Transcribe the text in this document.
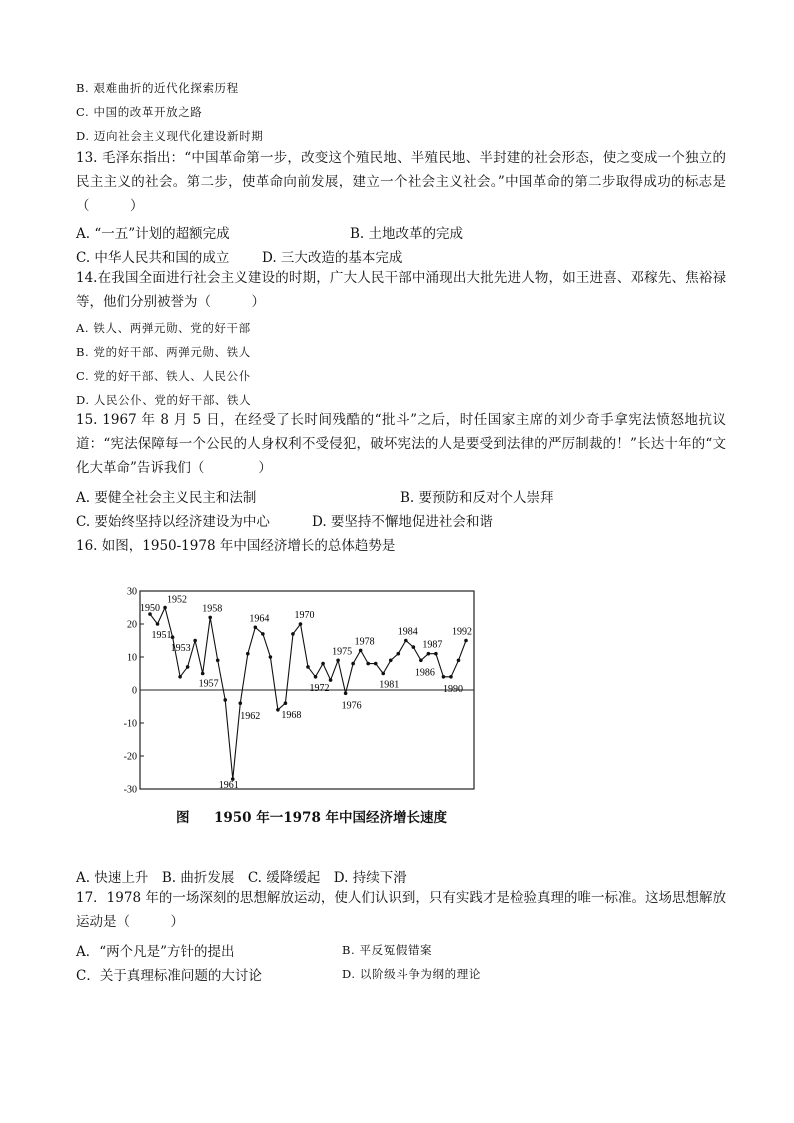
B. 艰难曲折的近代化探索历程
C. 中国的改革开放之路
D. 迈向社会主义现代化建设新时期
13. 毛泽东指出：“中国革命第一步，改变这个殖民地、半殖民地、半封建的社会形态，使之变成一个独立的民主主义的社会。第二步，使革命向前发展，建立一个社会主义社会。”中国革命的第二步取得成功的标志是（　　　）
A. “一五”计划的超额完成	B. 土地改革的完成
C. 中华人民共和国的成立 D. 三大改造的基本完成
14.在我国全面进行社会主义建设的时期，广大人民干部中涌现出大批先进人物，如王进喜、邓稼先、焦裕禄等，他们分别被誉为（　　　）
A. 铁人、两弹元勋、党的好干部
B. 党的好干部、两弹元勋、铁人
C. 党的好干部、铁人、人民公仆
D. 人民公仆、党的好干部、铁人
15. 1967 年 8 月 5 日，在经受了长时间残酷的“批斗”之后，时任国家主席的刘少奇手拿宪法愤怒地抗议道：“宪法保障每一个公民的人身权利不受侵犯，破坏宪法的人是要受到法律的严厉制裁的！”长达十年的“文化大革命”告诉我们（　　　　）
A. 要健全社会主义民主和法制	B. 要预防和反对个人崇拜
C. 要始终坚持以经济建设为中心	D. 要坚持不懈地促进社会和谐
16. 如图，1950-1978 年中国经济增长的总体趋势是
30
20
10
0
-10
-20
-30
1950
1951
1952
1953
1957
1958
1961
1962
1964
1968
1970
1972
1975
1976
1978
1981
1984
1986
1987
1990
1992
图 1950 年一1978 年中国经济增长速度
A. 快速上升　B. 曲折发展　C. 缓降缓起　D. 持续下滑
17．1978 年的一场深刻的思想解放运动，使人们认识到，只有实践才是检验真理的唯一标准。这场思想解放运动是（　　　）
A．“两个凡是”方针的提出	B. 平反冤假错案
C．关于真理标准问题的大讨论	D. 以阶级斗争为纲的理论
